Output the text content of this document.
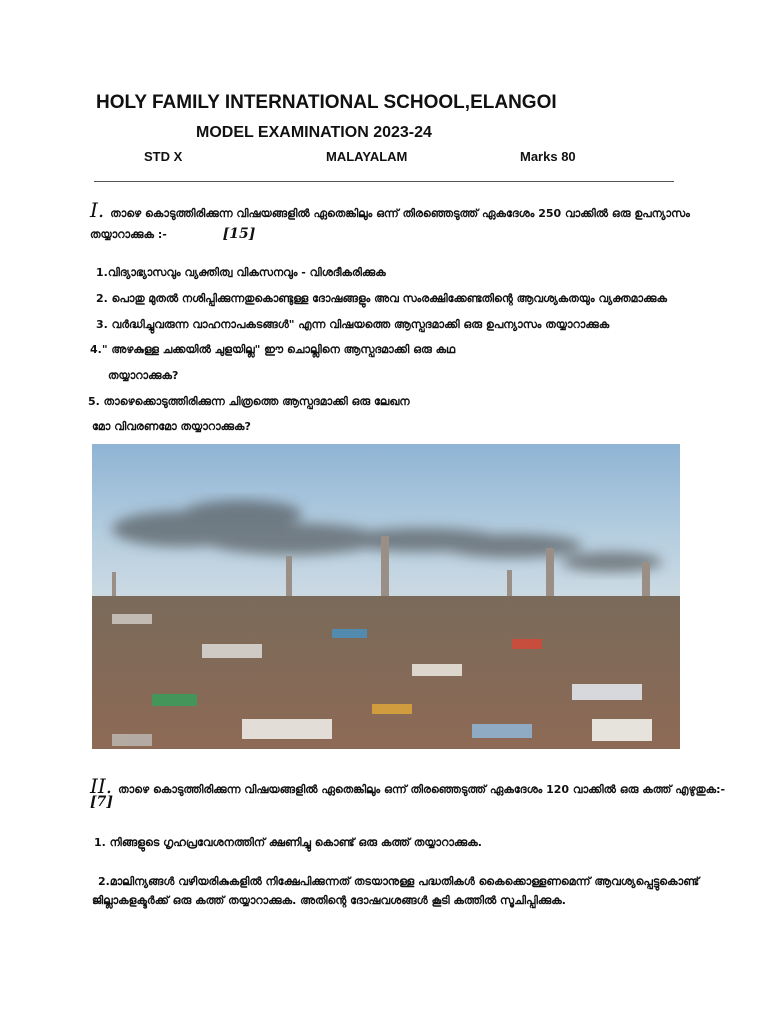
HOLY FAMILY INTERNATIONAL SCHOOL,ELANGOI
MODEL EXAMINATION 2023-24
STD X	MALAYALAM	Marks 80
I. താഴെ കൊടുത്തിരിക്കുന്ന വിഷയങ്ങളിൽ ഏതെങ്കിലും ഒന്ന് തിരഞ്ഞെടുത്ത് ഏകദേശം 250 വാക്കിൽ ഒരു ഉപന്യാസം
തയ്യാറാക്കുക :-	[15]
1.വിദ്യാഭ്യാസവും വ്യക്തിത്വ വികസനവും - വിശദീകരിക്കുക
2. പൊതു മുതൽ നശിപ്പിക്കുന്നതുകൊണ്ടുള്ള ദോഷങ്ങളും അവ സംരക്ഷിക്കേണ്ടതിന്റെ ആവശ്യകതയും വ്യക്തമാക്കുക
3. വർദ്ധിച്ചുവരുന്ന വാഹനാപകടങ്ങൾ" എന്ന വിഷയത്തെ ആസ്പദമാക്കി ഒരു ഉപന്യാസം തയ്യാറാക്കുക
4." അഴകുള്ള ചക്കയിൽ ചുളയില്ല" ഈ ചൊല്ലിനെ ആസ്പദമാക്കി ഒരു കഥ
തയ്യാറാക്കുക?
5. താഴെക്കൊടുത്തിരിക്കുന്ന ചിത്രത്തെ ആസ്പദമാക്കി ഒരു ലേഖന
മോ വിവരണമോ തയ്യാറാക്കുക?
II. താഴെ കൊടുത്തിരിക്കുന്ന വിഷയങ്ങളിൽ ഏതെങ്കിലും ഒന്ന് തിരഞ്ഞെടുത്ത് ഏകദേശം 120 വാക്കിൽ ഒരു കത്ത് എഴുതുക:-
[7]
1. നിങ്ങളുടെ ഗൃഹപ്രവേശനത്തിന് ക്ഷണിച്ചു കൊണ്ട് ഒരു കത്ത് തയ്യാറാക്കുക.
2.മാലിന്യങ്ങൾ വഴിയരികുകളിൽ നിക്ഷേപിക്കുന്നത് തടയാനുള്ള പദ്ധതികൾ കൈക്കൊള്ളണമെന്ന് ആവശ്യപ്പെട്ടുകൊണ്ട്
ജില്ലാകളക്ടർക്ക് ഒരു കത്ത് തയ്യാറാക്കുക. അതിന്റെ ദോഷവശങ്ങൾ കൂടി കത്തിൽ സൂചിപ്പിക്കുക.
